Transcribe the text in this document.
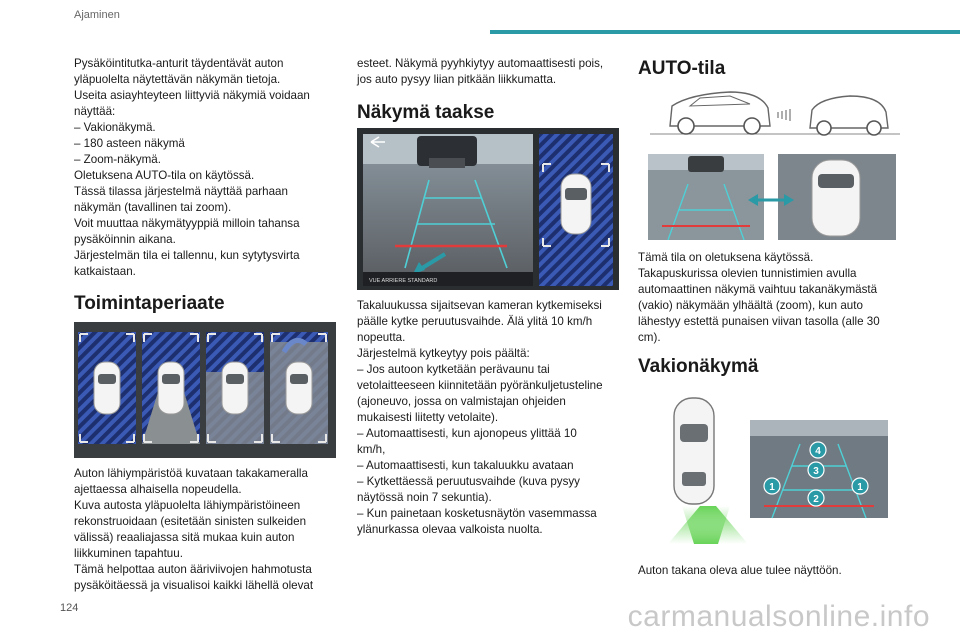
Ajaminen

Pysäköintitutka-anturit täydentävät auton

yläpuolelta näytettävän näkymän tietoja.

Useita asiayhteyteen liittyviä näkymiä voidaan

näyttää:

– Vakionäkymä.

– 180 asteen näkymä

– Zoom-näkymä.

Oletuksena AUTO-tila on käytössä.

Tässä tilassa järjestelmä näyttää parhaan

näkymän (tavallinen tai zoom).

Voit muuttaa näkymätyyppiä milloin tahansa

pysäköinnin aikana.

Järjestelmän tila ei tallennu, kun sytytysvirta

katkaistaan.

Toimintaperiaate

Auton lähiympäristöä kuvataan takakameralla

ajettaessa alhaisella nopeudella.

Kuva autosta yläpuolelta lähiympäristöineen

rekonstruoidaan (esitetään sinisten sulkeiden

välissä) reaaliajassa sitä mukaa kuin auton

liikkuminen tapahtuu.

Tämä helpottaa auton ääriviivojen hahmotusta

pysäköitäessä ja visualisoi kaikki lähellä olevat

esteet. Näkymä pyyhkiytyy automaattisesti pois,

jos auto pysyy liian pitkään liikkumatta.

Näkymä taakse
VUE ARRIERE STANDARD

Takaluukussa sijaitsevan kameran kytkemiseksi

päälle kytke peruutusvaihde. Älä ylitä 10 km/h

nopeutta.

Järjestelmä kytkeytyy pois päältä:

– Jos autoon kytketään perävaunu tai

vetolaitteeseen kiinnitetään pyöränkuljetusteline

(ajoneuvo, jossa on valmistajan ohjeiden

mukaisesti liitetty vetolaite).

– Automaattisesti, kun ajonopeus ylittää 10

km/h,

– Automaattisesti, kun takaluukku avataan

– Kytkettäessä peruutusvaihde (kuva pysyy

näytössä noin 7 sekuntia).

– Kun painetaan kosketusnäytön vasemmassa

ylänurkassa olevaa valkoista nuolta.

AUTO-tila

Tämä tila on oletuksena käytössä.

Takapuskurissa olevien tunnistimien avulla

automaattinen näkymä vaihtuu takanäkymästä

(vakio) näkymään ylhäältä (zoom), kun auto

lähestyy estettä punaisen viivan tasolla (alle 30

cm).

Vakionäkymä
1
2
3
4
1

Auton takana oleva alue tulee näyttöön.

124	carmanualsonline.info
